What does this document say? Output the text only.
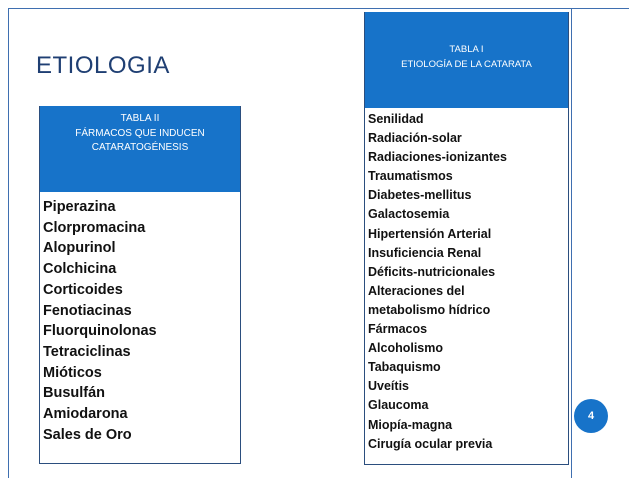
ETIOLOGIA
TABLA II
FÁRMACOS QUE INDUCEN
CATARATOGÉNESIS
Piperazina
Clorpromacina
Alopurinol
Colchicina
Corticoides
Fenotiacinas
Fluorquinolonas
Tetraciclinas
Mióticos
Busulfán
Amiodarona
Sales de Oro
TABLA I
ETIOLOGÍA DE LA CATARATA
Senilidad
Radiación-solar
Radiaciones-ionizantes
Traumatismos
Diabetes-mellitus
Galactosemia
Hipertensión Arterial
Insuficiencia Renal
Déficits-nutricionales
Alteraciones del
metabolismo hídrico
Fármacos
Alcoholismo
Tabaquismo
Uveítis
Glaucoma
Miopía-magna
Cirugía ocular previa
4
